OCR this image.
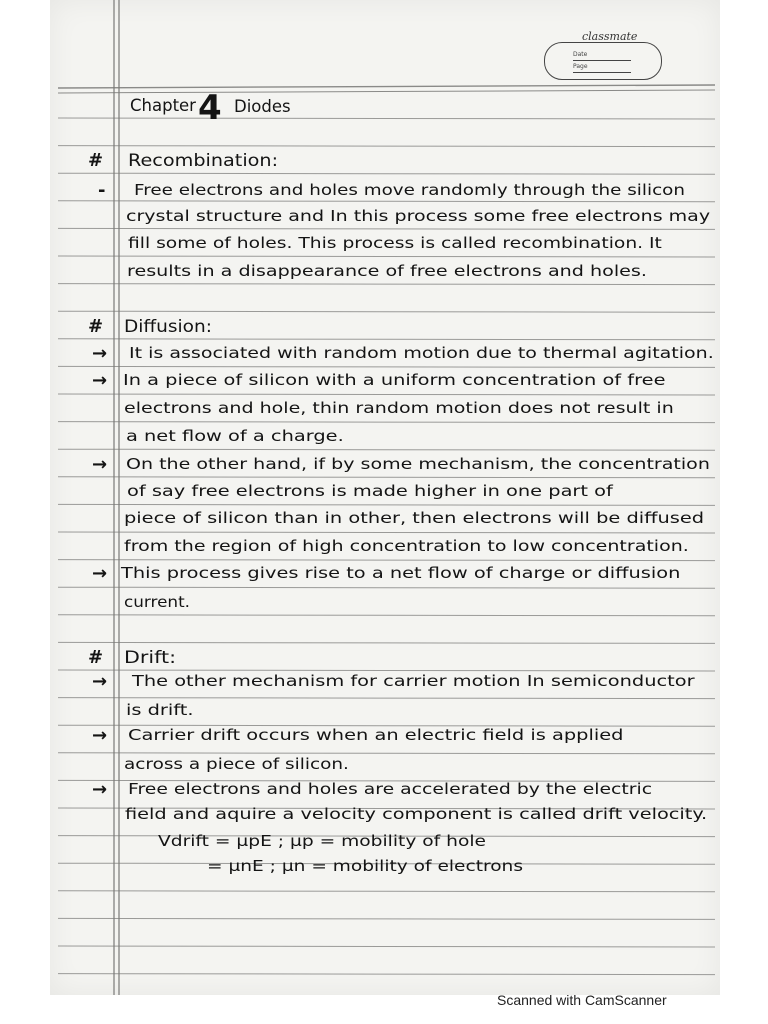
classmate
Date
Page
Chapter 4 Diodes
# Recombination:
- Free electrons and holes move randomly through the silicon
crystal structure and In this process some free electrons may
fill some of holes. This process is called recombination. It
results in a disappearance of free electrons and holes.
# Diffusion:
→ It is associated with random motion due to thermal agitation.
→ In a piece of silicon with a uniform concentration of free
electrons and hole, thin random motion does not result in
a net flow of a charge.
→ On the other hand, if by some mechanism, the concentration
of say free electrons is made higher in one part of
piece of silicon than in other, then electrons will be diffused
from the region of high concentration to low concentration.
→ This process gives rise to a net flow of charge or diffusion
current.
# Drift:
→ The other mechanism for carrier motion In semiconductor
is drift.
→ Carrier drift occurs when an electric field is applied
across a piece of silicon.
→ Free electrons and holes are accelerated by the electric
field and aquire a velocity component is called drift velocity.
Vdrift = μpE ; μp = mobility of hole
= μnE ; μn = mobility of electrons
Scanned with CamScanner
